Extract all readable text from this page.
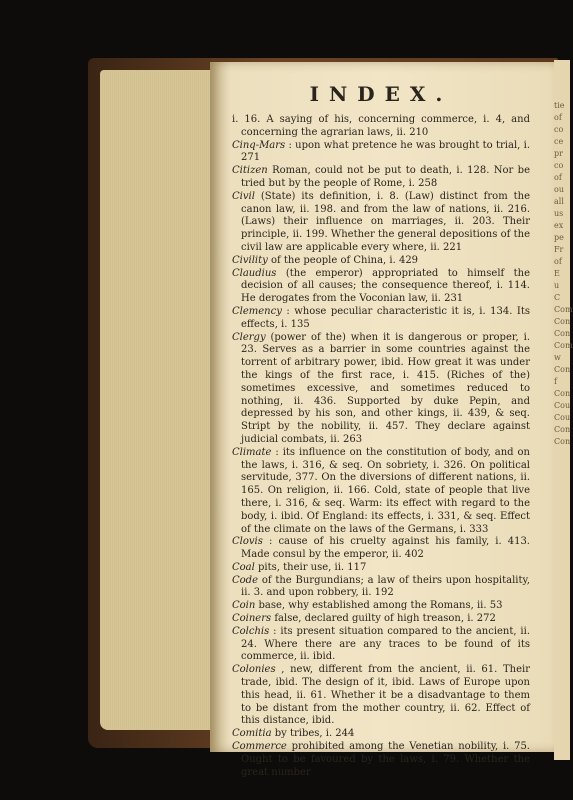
tie
of
co
ce
pr
co
of
ou
all
us
ex
pe
Fr
of
E
u
C
Com
Con
Con
Com
w
Con
f
Con
Cou
Cou
Con
Con
INDEX.

i. 16. A saying of his, concerning commerce, i. 4, and concerning the agrarian laws, ii. 210

Cinq-Mars : upon what pretence he was brought to trial, i. 271

Citizen Roman, could not be put to death, i. 128. Nor be tried but by the people of Rome, i. 258

Civil (State) its definition, i. 8. (Law) distinct from the canon law, ii. 198. and from the law of nations, ii. 216. (Laws) their influence on marriages, ii. 203. Their principle, ii. 199. Whether the general depositions of the civil law are applicable every where, ii. 221

Civility of the people of China, i. 429

Claudius (the emperor) appropriated to himself the decision of all causes; the consequence thereof, i. 114. He derogates from the Voconian law, ii. 231

Clemency : whose peculiar characteristic it is, i. 134. Its effects, i. 135

Clergy (power of the) when it is dangerous or proper, i. 23. Serves as a barrier in some countries against the torrent of arbitrary power, ibid. How great it was under the kings of the first race, i. 415. (Riches of the) sometimes excessive, and sometimes reduced to nothing, ii. 436. Supported by duke Pepin, and depressed by his son, and other kings, ii. 439, & seq. Stript by the nobility, ii. 457. They declare against judicial combats, ii. 263

Climate : its influence on the constitution of body, and on the laws, i. 316, & seq. On sobriety, i. 326. On political servitude, 377. On the diversions of different nations, ii. 165. On religion, ii. 166. Cold, state of people that live there, i. 316, & seq. Warm: its effect with regard to the body, i. ibid. Of England: its effects, i. 331, & seq. Effect of the climate on the laws of the Germans, i. 333

Clovis : cause of his cruelty against his family, i. 413. Made consul by the emperor, ii. 402

Coal pits, their use, ii. 117

Code of the Burgundians; a law of theirs upon hospitality, ii. 3. and upon robbery, ii. 192

Coin base, why established among the Romans, ii. 53

Coiners false, declared guilty of high treason, i. 272

Colchis : its present situation compared to the ancient, ii. 24. Where there are any traces to be found of its commerce, ii. ibid.

Colonies , new, different from the ancient, ii. 61. Their trade, ibid. The design of it, ibid. Laws of Europe upon this head, ii. 61. Whether it be a disadvantage to them to be distant from the mother country, ii. 62. Effect of this distance, ibid.

Comitia by tribes, i. 244

Commerce prohibited among the Venetian nobility, i. 75. Ought to be favoured by the laws, i. 79. Whether the great number
